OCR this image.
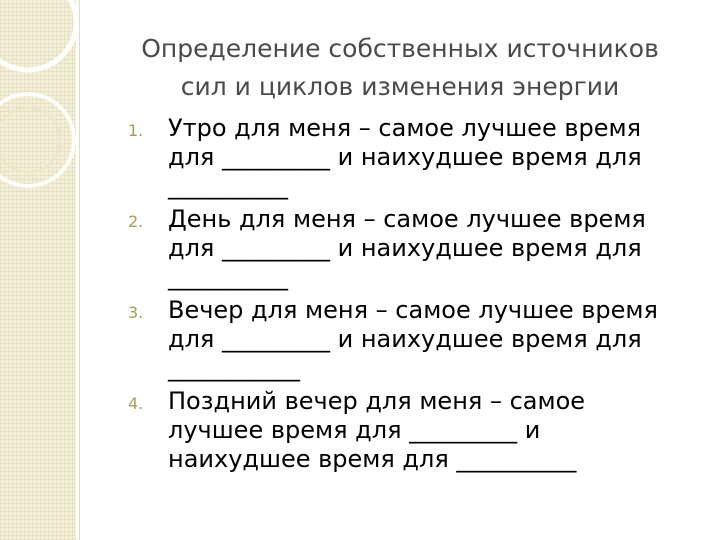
Определение собственных источников
сил и циклов изменения энергии
1.	Утро для меня – самое лучшее время
для _________ и наихудшее время для
__________
2.	День для меня – самое лучшее время
для _________ и наихудшее время для
__________
3.	Вечер для меня – самое лучшее время
для _________ и наихудшее время для
___________
4.	Поздний вечер для меня – самое
лучшее время для _________ и
наихудшее время для __________
